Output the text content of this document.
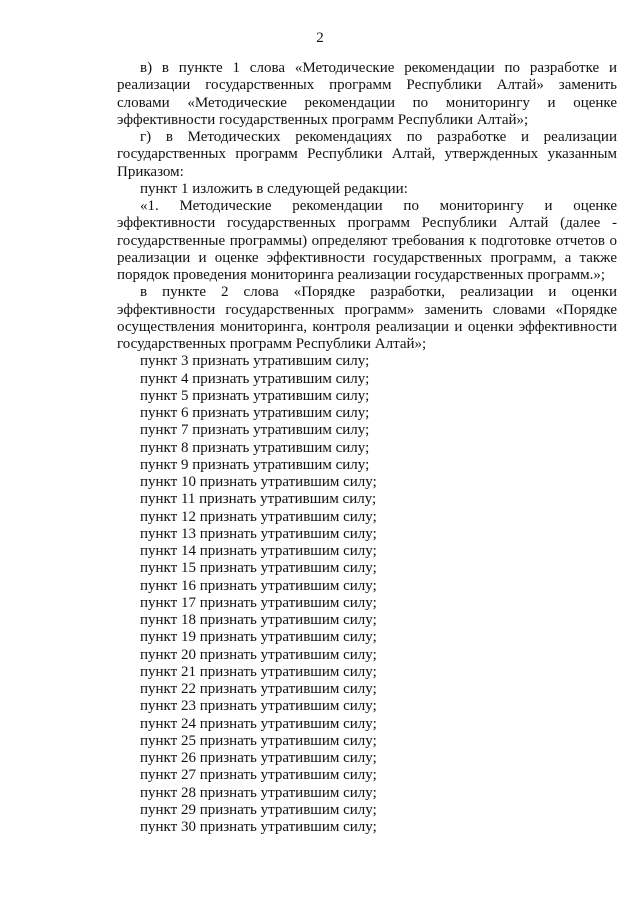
2

в) в пункте 1 слова «Методические рекомендации по разработке и реализации государственных программ Республики Алтай» заменить словами «Методические рекомендации по мониторингу и оценке эффективности государственных программ Республики Алтай»;

г) в Методических рекомендациях по разработке и реализации государственных программ Республики Алтай, утвержденных указанным Приказом:

пункт 1 изложить в следующей редакции:

«1. Методические рекомендации по мониторингу и оценке эффективности государственных программ Республики Алтай (далее - государственные программы) определяют требования к подготовке отчетов о реализации и оценке эффективности государственных программ, а также порядок проведения мониторинга реализации государственных программ.»;

в пункте 2 слова «Порядке разработки, реализации и оценки эффективности государственных программ» заменить словами «Порядке осуществления мониторинга, контроля реализации и оценки эффективности государственных программ Республики Алтай»;

пункт 3 признать утратившим силу;
пункт 4 признать утратившим силу;
пункт 5 признать утратившим силу;
пункт 6 признать утратившим силу;
пункт 7 признать утратившим силу;
пункт 8 признать утратившим силу;
пункт 9 признать утратившим силу;
пункт 10 признать утратившим силу;
пункт 11 признать утратившим силу;
пункт 12 признать утратившим силу;
пункт 13 признать утратившим силу;
пункт 14 признать утратившим силу;
пункт 15 признать утратившим силу;
пункт 16 признать утратившим силу;
пункт 17 признать утратившим силу;
пункт 18 признать утратившим силу;
пункт 19 признать утратившим силу;
пункт 20 признать утратившим силу;
пункт 21 признать утратившим силу;
пункт 22 признать утратившим силу;
пункт 23 признать утратившим силу;
пункт 24 признать утратившим силу;
пункт 25 признать утратившим силу;
пункт 26 признать утратившим силу;
пункт 27 признать утратившим силу;
пункт 28 признать утратившим силу;
пункт 29 признать утратившим силу;
пункт 30 признать утратившим силу;
